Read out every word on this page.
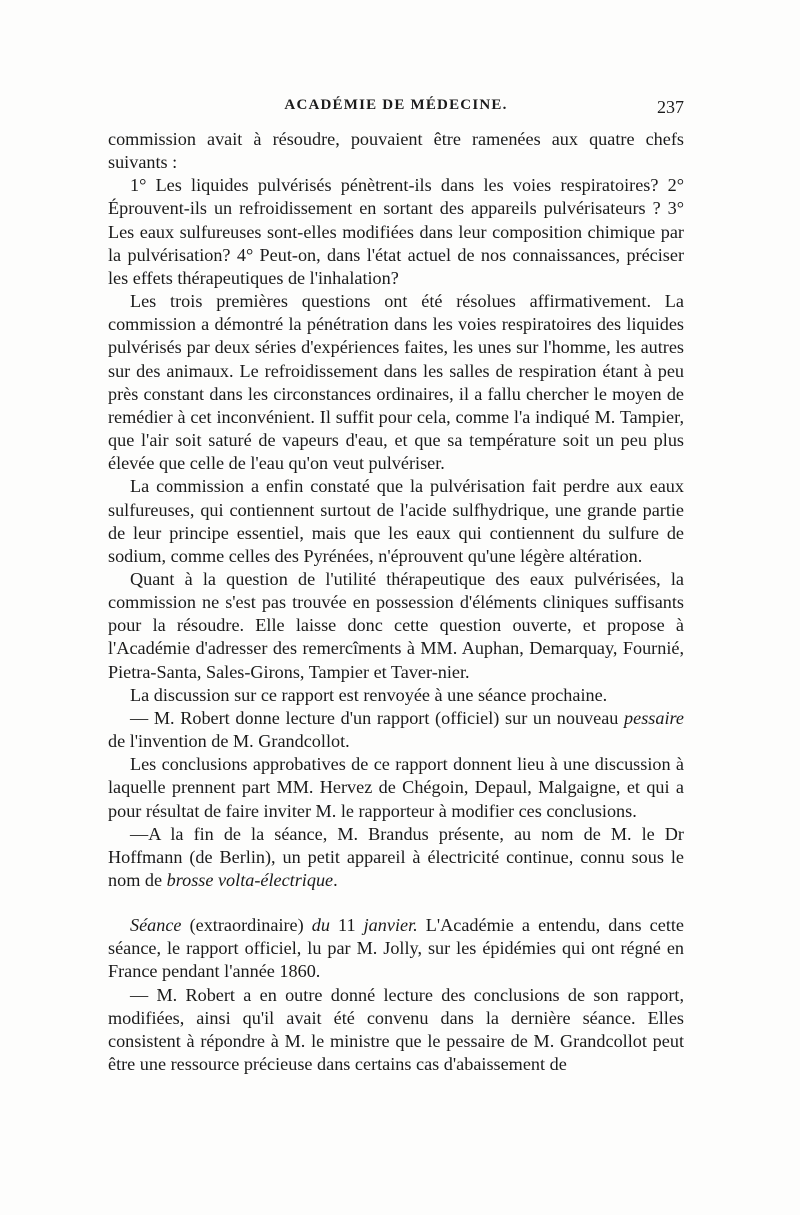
ACADÉMIE DE MÉDECINE.	237

commission avait à résoudre, pouvaient être ramenées aux quatre chefs suivants :

1° Les liquides pulvérisés pénètrent-ils dans les voies respiratoires? 2° Éprouvent-ils un refroidissement en sortant des appareils pulvérisateurs ? 3° Les eaux sulfureuses sont-elles modifiées dans leur composition chimique par la pulvérisation? 4° Peut-on, dans l'état actuel de nos connaissances, préciser les effets thérapeutiques de l'inhalation?

Les trois premières questions ont été résolues affirmativement. La commission a démontré la pénétration dans les voies respiratoires des liquides pulvérisés par deux séries d'expériences faites, les unes sur l'homme, les autres sur des animaux. Le refroidissement dans les salles de respiration étant à peu près constant dans les circonstances ordinaires, il a fallu chercher le moyen de remédier à cet inconvénient. Il suffit pour cela, comme l'a indiqué M. Tampier, que l'air soit saturé de vapeurs d'eau, et que sa température soit un peu plus élevée que celle de l'eau qu'on veut pulvériser.

La commission a enfin constaté que la pulvérisation fait perdre aux eaux sulfureuses, qui contiennent surtout de l'acide sulfhydrique, une grande partie de leur principe essentiel, mais que les eaux qui contiennent du sulfure de sodium, comme celles des Pyrénées, n'éprouvent qu'une légère altération.

Quant à la question de l'utilité thérapeutique des eaux pulvérisées, la commission ne s'est pas trouvée en possession d'éléments cliniques suffisants pour la résoudre. Elle laisse donc cette question ouverte, et propose à l'Académie d'adresser des remercîments à MM. Auphan, Demarquay, Fournié, Pietra-Santa, Sales-Girons, Tampier et Taver-nier.

La discussion sur ce rapport est renvoyée à une séance prochaine.

— M. Robert donne lecture d'un rapport (officiel) sur un nouveau pessaire de l'invention de M. Grandcollot.

Les conclusions approbatives de ce rapport donnent lieu à une discussion à laquelle prennent part MM. Hervez de Chégoin, Depaul, Malgaigne, et qui a pour résultat de faire inviter M. le rapporteur à modifier ces conclusions.

—A la fin de la séance, M. Brandus présente, au nom de M. le Dr Hoffmann (de Berlin), un petit appareil à électricité continue, connu sous le nom de brosse volta-électrique.

Séance (extraordinaire) du 11 janvier. L'Académie a entendu, dans cette séance, le rapport officiel, lu par M. Jolly, sur les épidémies qui ont régné en France pendant l'année 1860.

— M. Robert a en outre donné lecture des conclusions de son rapport, modifiées, ainsi qu'il avait été convenu dans la dernière séance. Elles consistent à répondre à M. le ministre que le pessaire de M. Grandcollot peut être une ressource précieuse dans certains cas d'abaissement de
